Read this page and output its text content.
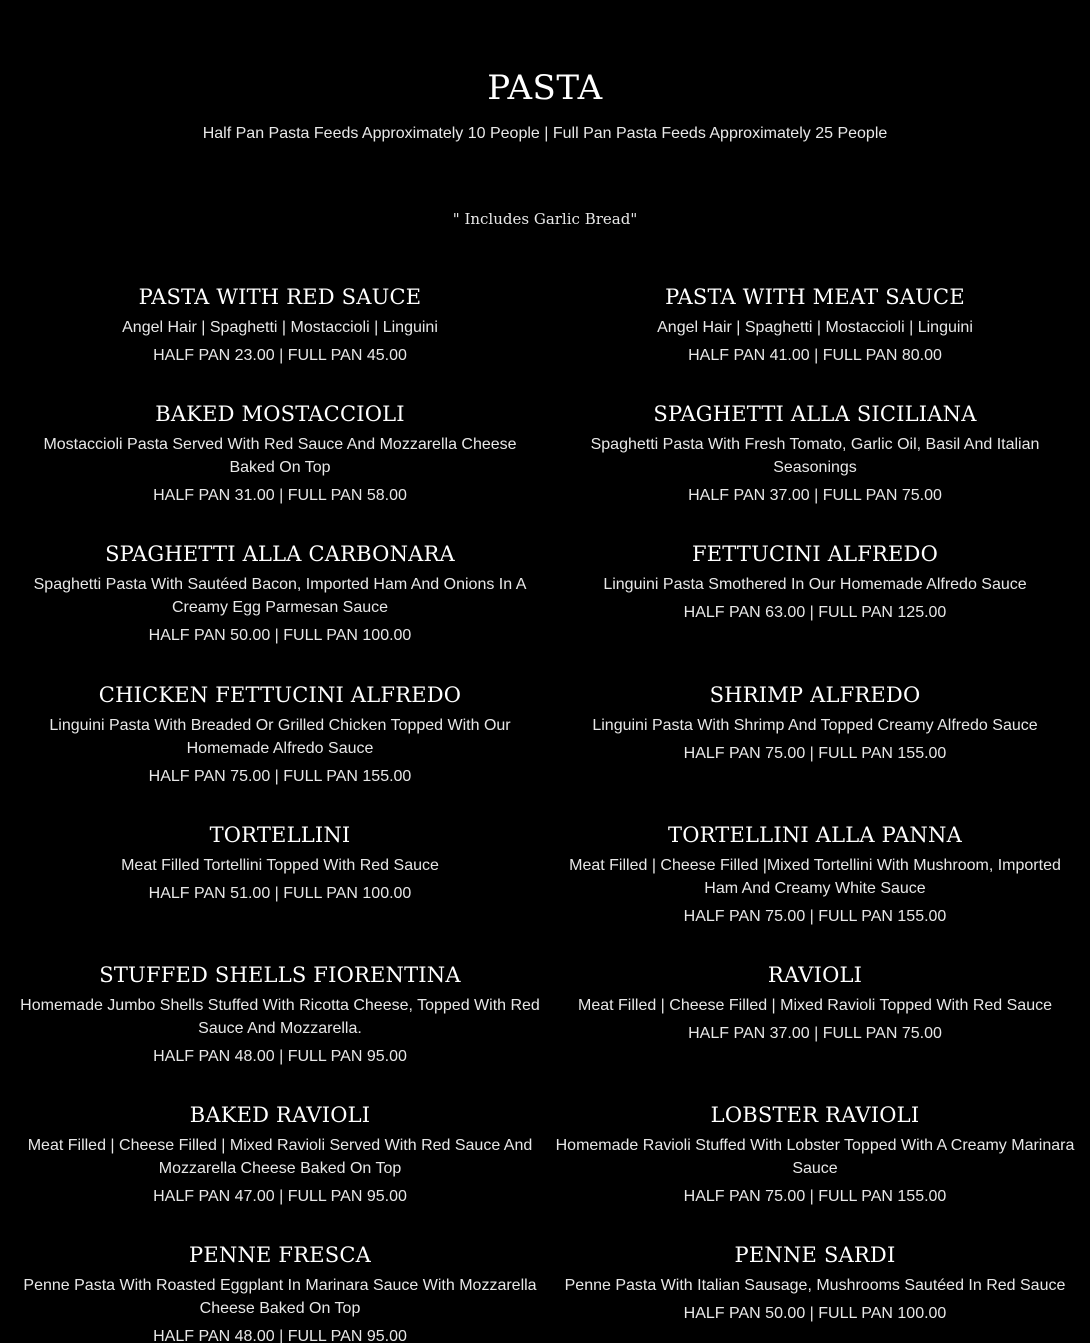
PASTA

Half Pan Pasta Feeds Approximately 10 People | Full Pan Pasta Feeds Approximately 25 People

" Includes Garlic Bread"

PASTA WITH RED SAUCE

Angel Hair | Spaghetti | Mostaccioli | Linguini

HALF PAN 23.00 | FULL PAN 45.00

PASTA WITH MEAT SAUCE

Angel Hair | Spaghetti | Mostaccioli | Linguini

HALF PAN 41.00 | FULL PAN 80.00

BAKED MOSTACCIOLI

Mostaccioli Pasta Served With Red Sauce And Mozzarella Cheese Baked On Top

HALF PAN 31.00 | FULL PAN 58.00

SPAGHETTI ALLA SICILIANA

Spaghetti Pasta With Fresh Tomato, Garlic Oil, Basil And Italian Seasonings

HALF PAN 37.00 | FULL PAN 75.00

SPAGHETTI ALLA CARBONARA

Spaghetti Pasta With Sautéed Bacon, Imported Ham And Onions In A Creamy Egg Parmesan Sauce

HALF PAN 50.00 | FULL PAN 100.00

FETTUCINI ALFREDO

Linguini Pasta Smothered In Our Homemade Alfredo Sauce

HALF PAN 63.00 | FULL PAN 125.00

CHICKEN FETTUCINI ALFREDO

Linguini Pasta With Breaded Or Grilled Chicken Topped With Our Homemade Alfredo Sauce

HALF PAN 75.00 | FULL PAN 155.00

SHRIMP ALFREDO

Linguini Pasta With Shrimp And Topped Creamy Alfredo Sauce

HALF PAN 75.00 | FULL PAN 155.00

TORTELLINI

Meat Filled Tortellini Topped With Red Sauce

HALF PAN 51.00 | FULL PAN 100.00

TORTELLINI ALLA PANNA

Meat Filled | Cheese Filled |Mixed Tortellini With Mushroom, Imported Ham And Creamy White Sauce

HALF PAN 75.00 | FULL PAN 155.00

STUFFED SHELLS FIORENTINA

Homemade Jumbo Shells Stuffed With Ricotta Cheese, Topped With Red Sauce And Mozzarella.

HALF PAN 48.00 | FULL PAN 95.00

RAVIOLI

Meat Filled | Cheese Filled | Mixed Ravioli Topped With Red Sauce

HALF PAN 37.00 | FULL PAN 75.00

BAKED RAVIOLI

Meat Filled | Cheese Filled | Mixed Ravioli Served With Red Sauce And Mozzarella Cheese Baked On Top

HALF PAN 47.00 | FULL PAN 95.00

LOBSTER RAVIOLI

Homemade Ravioli Stuffed With Lobster Topped With A Creamy Marinara Sauce

HALF PAN 75.00 | FULL PAN 155.00

PENNE FRESCA

Penne Pasta With Roasted Eggplant In Marinara Sauce With Mozzarella Cheese Baked On Top

HALF PAN 48.00 | FULL PAN 95.00

PENNE SARDI

Penne Pasta With Italian Sausage, Mushrooms Sautéed In Red Sauce

HALF PAN 50.00 | FULL PAN 100.00
